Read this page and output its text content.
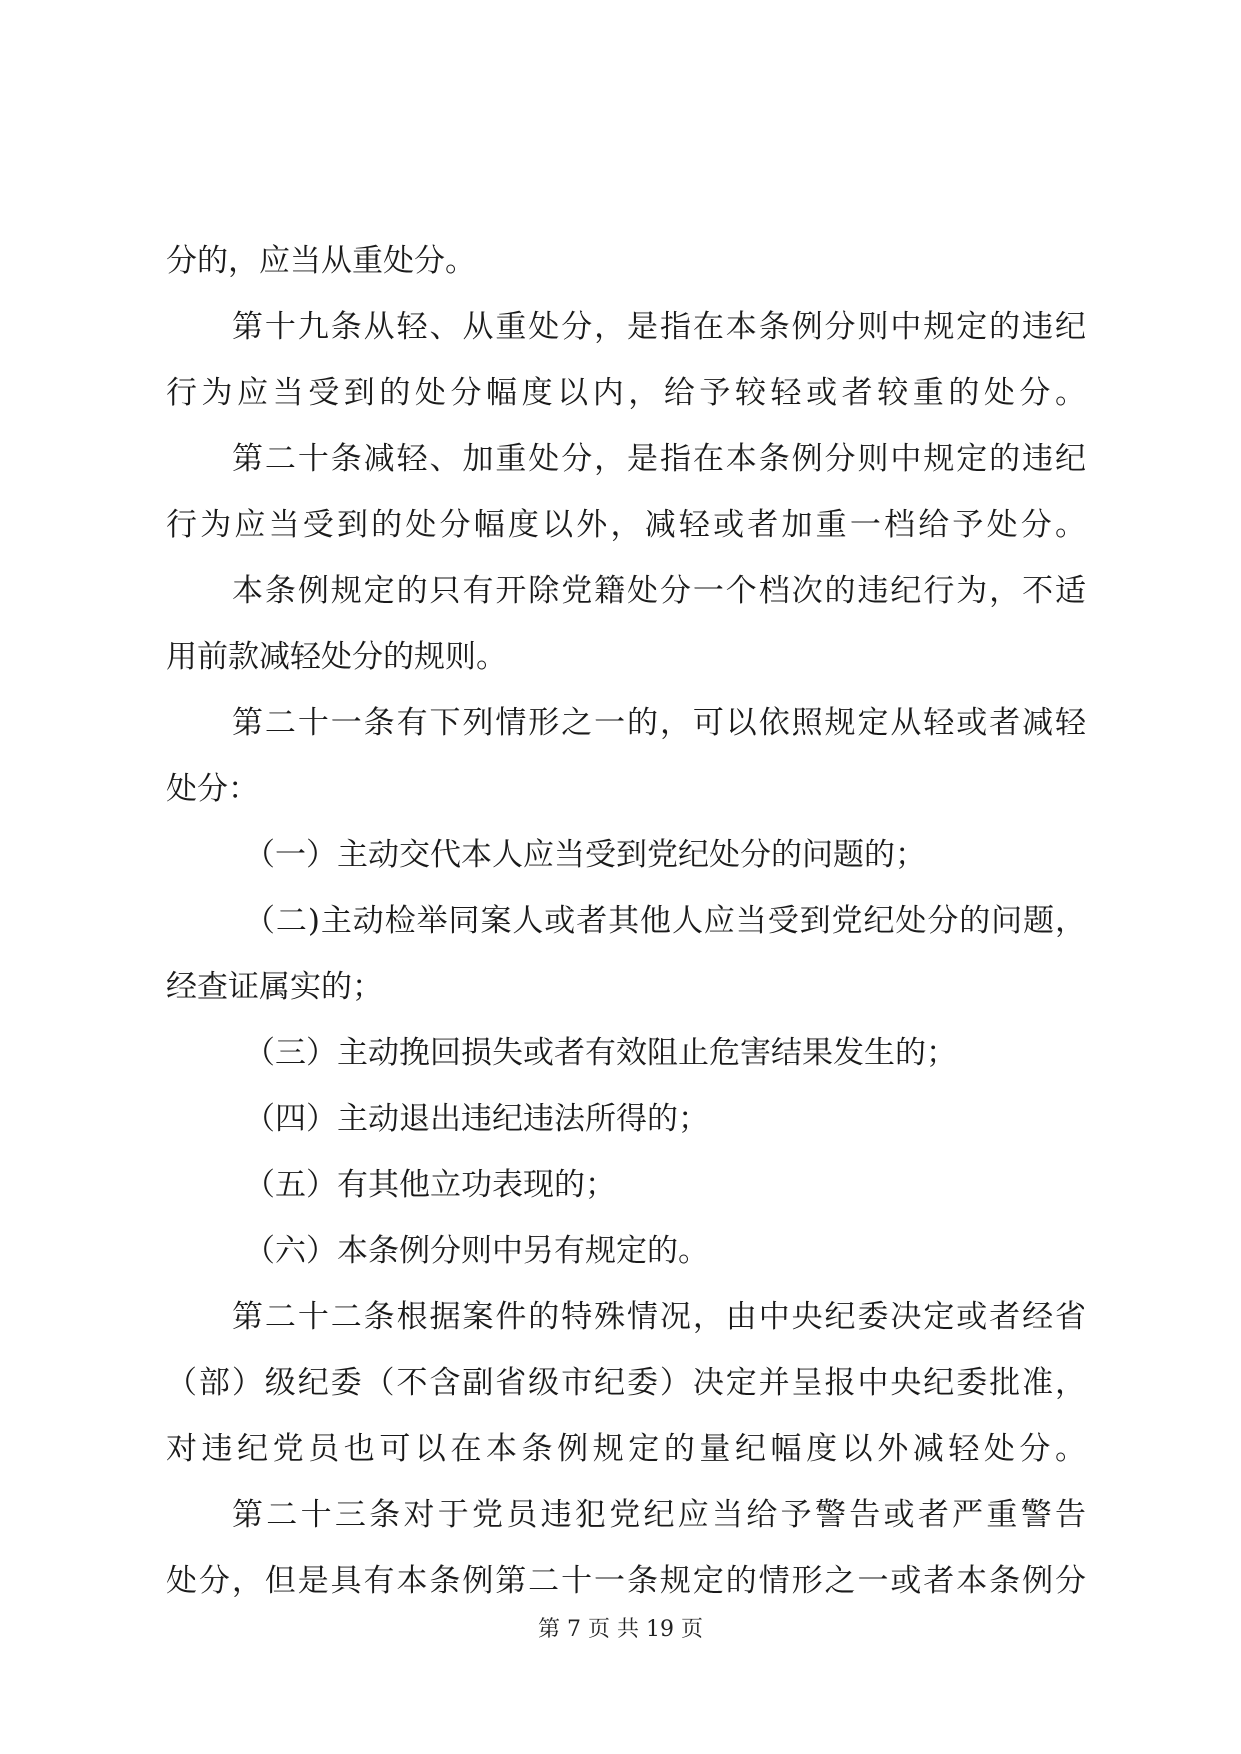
分的，应当从重处分。
第十九条从轻、从重处分，是指在本条例分则中规定的违纪
行为应当受到的处分幅度以内，给予较轻或者较重的处分。
第二十条减轻、加重处分，是指在本条例分则中规定的违纪
行为应当受到的处分幅度以外，减轻或者加重一档给予处分。
本条例规定的只有开除党籍处分一个档次的违纪行为，不适
用前款减轻处分的规则。
第二十一条有下列情形之一的，可以依照规定从轻或者减轻
处分：
（一）主动交代本人应当受到党纪处分的问题的；
（二)主动检举同案人或者其他人应当受到党纪处分的问题，
经查证属实的；
（三）主动挽回损失或者有效阻止危害结果发生的；
（四）主动退出违纪违法所得的；
（五）有其他立功表现的；
（六）本条例分则中另有规定的。
第二十二条根据案件的特殊情况，由中央纪委决定或者经省
（部）级纪委（不含副省级市纪委）决定并呈报中央纪委批准，
对违纪党员也可以在本条例规定的量纪幅度以外减轻处分。
第二十三条对于党员违犯党纪应当给予警告或者严重警告
处分，但是具有本条例第二十一条规定的情形之一或者本条例分
第 7 页 共 19 页
